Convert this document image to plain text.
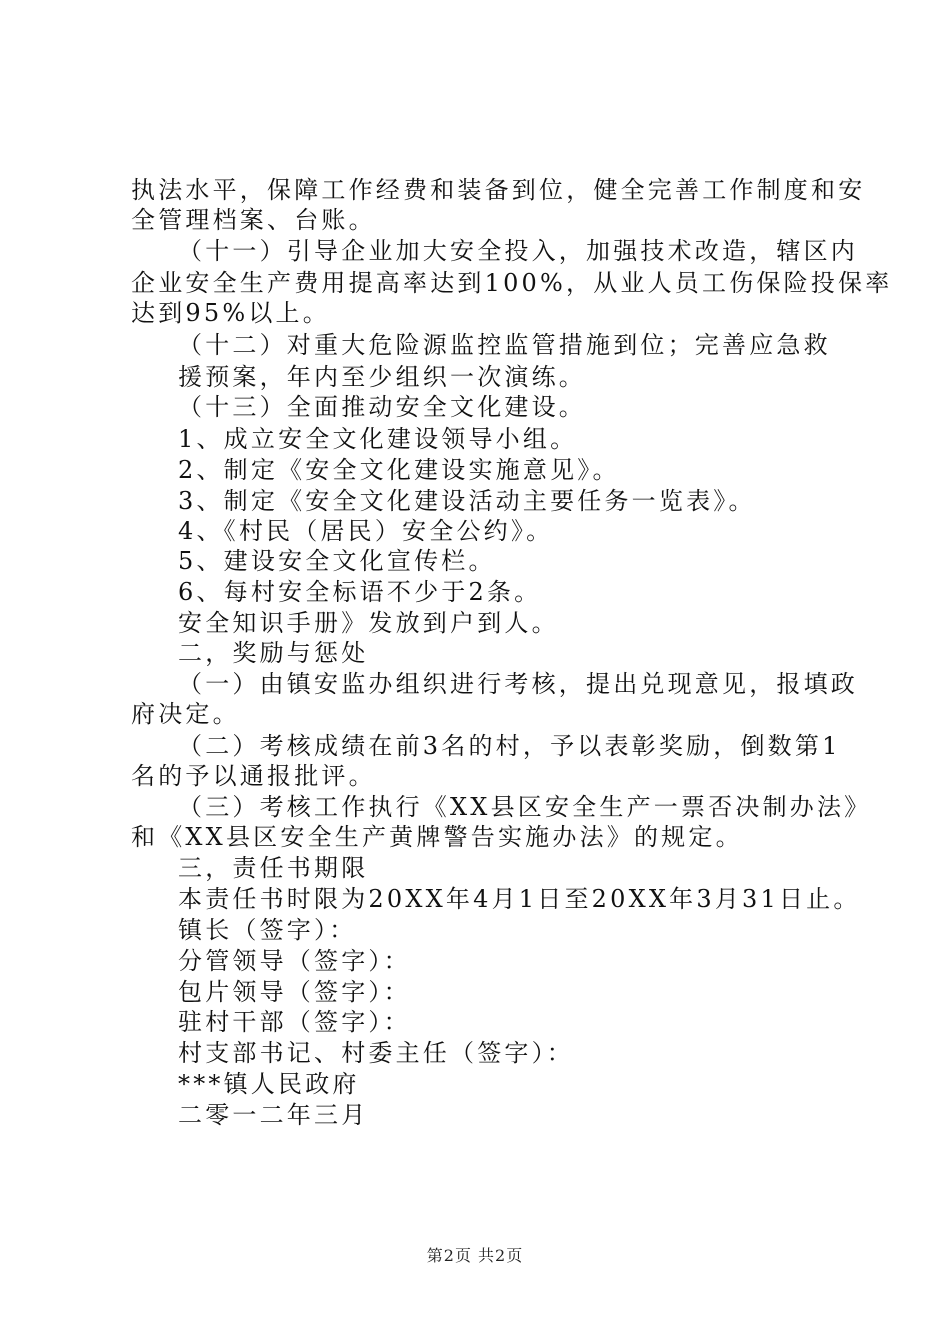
执法水平，保障工作经费和装备到位，健全完善工作制度和安
全管理档案、台账。
（十一）引导企业加大安全投入，加强技术改造，辖区内
企业安全生产费用提高率达到100%，从业人员工伤保险投保率
达到95%以上。
（十二）对重大危险源监控监管措施到位；完善应急救
援预案，年内至少组织一次演练。
（十三）全面推动安全文化建设。
1、成立安全文化建设领导小组。
2、制定《安全文化建设实施意见》。
3、制定《安全文化建设活动主要任务一览表》。
4、《村民（居民）安全公约》。
5、建设安全文化宣传栏。
6、每村安全标语不少于2条。
安全知识手册》发放到户到人。
二，奖励与惩处
（一）由镇安监办组织进行考核，提出兑现意见，报填政
府决定。
（二）考核成绩在前3名的村，予以表彰奖励，倒数第1
名的予以通报批评。
（三）考核工作执行《XX县区安全生产一票否决制办法》
和《XX县区安全生产黄牌警告实施办法》的规定。
三，责任书期限
本责任书时限为20XX年4月1日至20XX年3月31日止。
镇长（签字）：
分管领导（签字）：
包片领导（签字）：
驻村干部（签字）：
村支部书记、村委主任（签字）：
***镇人民政府
二零一二年三月
第2页 共2页
